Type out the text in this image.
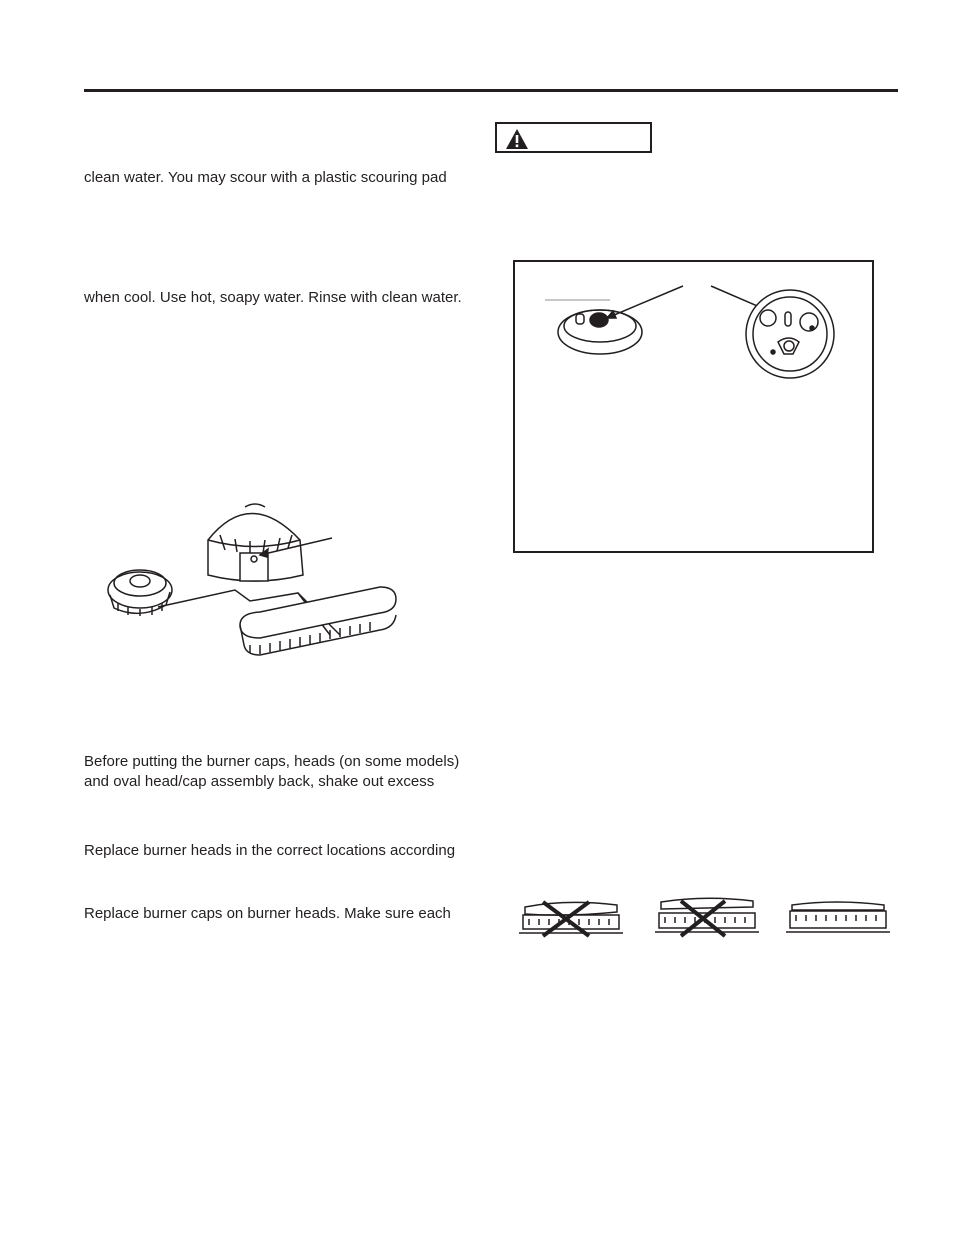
clean water. You may scour with a plastic scouring pad
when cool. Use hot, soapy water. Rinse with clean water.
Before putting the burner caps, heads (on some models)
and oval head/cap assembly back, shake out excess
Replace burner heads in the correct locations according
Replace burner caps on burner heads. Make sure each
